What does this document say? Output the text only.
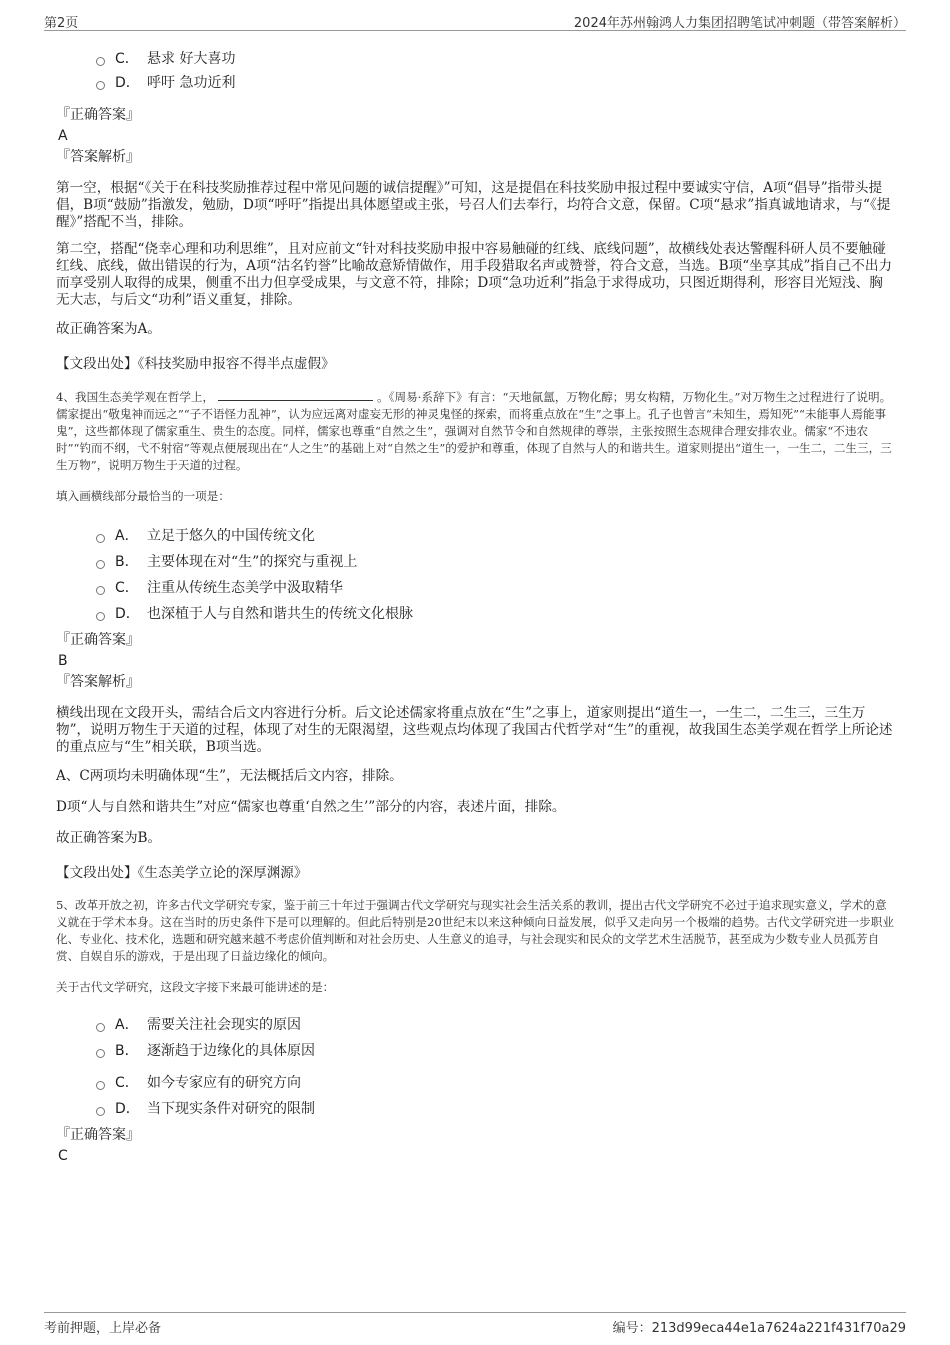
第2页	2024年苏州翰鸿人力集团招聘笔试冲刺题（带答案解析）
C． 悬求 好大喜功
D． 呼吁 急功近利
『正确答案』
A
『答案解析』

第一空，根据“《关于在科技奖励推荐过程中常见问题的诚信提醒》”可知，这是提倡在科技奖励申报过程中要诚实守信，A项“倡导”指带头提倡，B项“鼓励”指激发，勉励，D项“呼吁”指提出具体愿望或主张，号召人们去奉行，均符合文意，保留。C项“悬求”指真诚地请求，与“《提醒》”搭配不当，排除。

第二空，搭配“侥幸心理和功利思维”，且对应前文“针对科技奖励申报中容易触碰的红线、底线问题”，故横线处表达警醒科研人员不要触碰红线、底线，做出错误的行为，A项“沽名钓誉”比喻故意矫情做作，用手段猎取名声或赞誉，符合文意，当选。B项“坐享其成”指自己不出力而享受别人取得的成果，侧重不出力但享受成果，与文意不符，排除；D项“急功近利”指急于求得成功，只图近期得利，形容目光短浅、胸无大志，与后文“功利”语义重复，排除。

故正确答案为A。

【文段出处】《科技奖励申报容不得半点虚假》
4、我国生态美学观在哲学上，	。《周易·系辞下》有言：“天地氤氲，万物化醇；男女构精，万物化生。”对万物生之过程进行了说明。儒家提出“敬鬼神而远之”“子不语怪力乱神”，认为应远离对虚妄无形的神灵鬼怪的探索，而将重点放在“生”之事上。孔子也曾言“未知生，焉知死”“未能事人焉能事鬼”，这些都体现了儒家重生、贵生的态度。同样，儒家也尊重“自然之生”，强调对自然节令和自然规律的尊崇，主张按照生态规律合理安排农业。儒家“不违农时”“钓而不纲，弋不射宿”等观点便展现出在“人之生”的基础上对“自然之生”的爱护和尊重，体现了自然与人的和谐共生。道家则提出“道生一，一生二，二生三，三生万物”，说明万物生于天道的过程。
填入画横线部分最恰当的一项是：
A． 立足于悠久的中国传统文化
B． 主要体现在对“生”的探究与重视上
C． 注重从传统生态美学中汲取精华
D． 也深植于人与自然和谐共生的传统文化根脉
『正确答案』
B
『答案解析』

横线出现在文段开头，需结合后文内容进行分析。后文论述儒家将重点放在“生”之事上，道家则提出“道生一，一生二，二生三，三生万物”，说明万物生于天道的过程，体现了对生的无限渴望，这些观点均体现了我国古代哲学对“生”的重视，故我国生态美学观在哲学上所论述的重点应与“生”相关联，B项当选。

A、C两项均未明确体现“生”，无法概括后文内容，排除。

D项“人与自然和谐共生”对应“儒家也尊重‘自然之生’”部分的内容，表述片面，排除。

故正确答案为B。

【文段出处】《生态美学立论的深厚渊源》
5、改革开放之初，许多古代文学研究专家，鉴于前三十年过于强调古代文学研究与现实社会生活关系的教训，提出古代文学研究不必过于追求现实意义，学术的意义就在于学术本身。这在当时的历史条件下是可以理解的。但此后特别是20世纪末以来这种倾向日益发展，似乎又走向另一个极端的趋势。古代文学研究进一步职业化、专业化、技术化，选题和研究越来越不考虑价值判断和对社会历史、人生意义的追寻，与社会现实和民众的文学艺术生活脱节，甚至成为少数专业人员孤芳自赏、自娱自乐的游戏，于是出现了日益边缘化的倾向。
关于古代文学研究，这段文字接下来最可能讲述的是：
A． 需要关注社会现实的原因
B． 逐渐趋于边缘化的具体原因
C． 如今专家应有的研究方向
D． 当下现实条件对研究的限制
『正确答案』
C
考前押题，上岸必备	编号：213d99eca44e1a7624a221f431f70a29
